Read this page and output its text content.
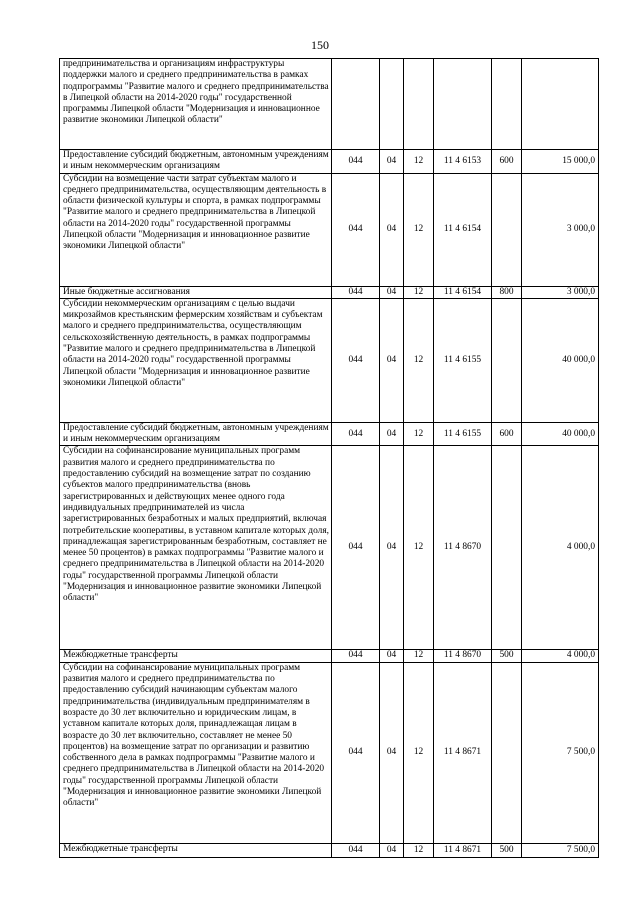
150
предпринимательства и организациям инфраструктуры поддержки малого и среднего предпринимательства в рамках подпрограммы "Развитие малого и среднего предпринимательства в Липецкой области на 2014-2020 годы" государственной программы Липецкой области "Модернизация и инновационное развитие экономики Липецкой области"						
Предоставление субсидий бюджетным, автономным учреждениям и иным некоммерческим организациям	044	04	12	11 4 6153	600	15 000,0
Субсидии на возмещение части затрат субъектам малого и среднего предпринимательства, осуществляющим деятельность в области физической культуры и спорта, в рамках подпрограммы "Развитие малого и среднего предпринимательства в Липецкой области на 2014-2020 годы" государственной программы Липецкой области "Модернизация и инновационное развитие экономики Липецкой области"	044	04	12	11 4 6154		3 000,0
Иные бюджетные ассигнования	044	04	12	11 4 6154	800	3 000,0
Субсидии некоммерческим организациям с целью выдачи микрозаймов крестьянским фермерским хозяйствам и субъектам малого и среднего предпринимательства, осуществляющим сельскохозяйственную деятельность, в рамках подпрограммы "Развитие малого и среднего предпринимательства в Липецкой области на 2014-2020 годы" государственной программы Липецкой области "Модернизация и инновационное развитие экономики Липецкой области"	044	04	12	11 4 6155		40 000,0
Предоставление субсидий бюджетным, автономным учреждениям и иным некоммерческим организациям	044	04	12	11 4 6155	600	40 000,0
Субсидии на софинансирование муниципальных программ развития малого и среднего предпринимательства по предоставлению субсидий на возмещение затрат по созданию субъектов малого предпринимательства (вновь зарегистрированных и действующих менее одного года индивидуальных предпринимателей из числа зарегистрированных безработных и малых предприятий, включая потребительские кооперативы, в уставном капитале которых доля, принадлежащая зарегистрированным безработным, составляет не менее 50 процентов) в рамках подпрограммы "Развитие малого и среднего предпринимательства в Липецкой области на 2014-2020 годы" государственной программы Липецкой области "Модернизация и инновационное развитие экономики Липецкой области"	044	04	12	11 4 8670		4 000,0
Межбюджетные трансферты	044	04	12	11 4 8670	500	4 000,0
Субсидии на софинансирование муниципальных программ развития малого и среднего предпринимательства по предоставлению субсидий начинающим субъектам малого предпринимательства (индивидуальным предпринимателям в возрасте до 30 лет включительно и юридическим лицам, в уставном капитале которых доля, принадлежащая лицам в возрасте до 30 лет включительно, составляет не менее 50 процентов) на возмещение затрат по организации и развитию собственного дела в рамках подпрограммы "Развитие малого и среднего предпринимательства в Липецкой области на 2014-2020 годы" государственной программы Липецкой области "Модернизация и инновационное развитие экономики Липецкой области"	044	04	12	11 4 8671		7 500,0
Межбюджетные трансферты	044	04	12	11 4 8671	500	7 500,0
